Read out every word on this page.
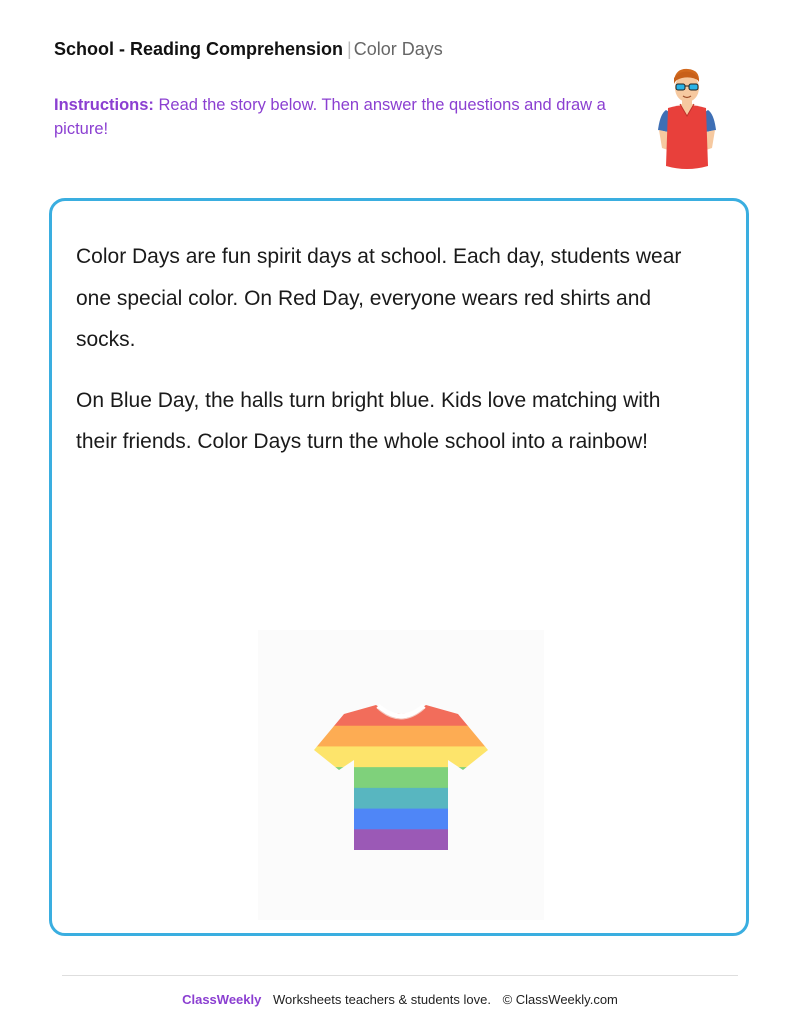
School - Reading Comprehension | Color Days
Instructions: Read the story below. Then answer the questions and draw a picture!

Color Days are fun spirit days at school. Each day, students wear one special color. On Red Day, everyone wears red shirts and socks.

On Blue Day, the halls turn bright blue. Kids love matching with their friends. Color Days turn the whole school into a rainbow!

ClassWeekly Worksheets teachers & students love. © ClassWeekly.com
